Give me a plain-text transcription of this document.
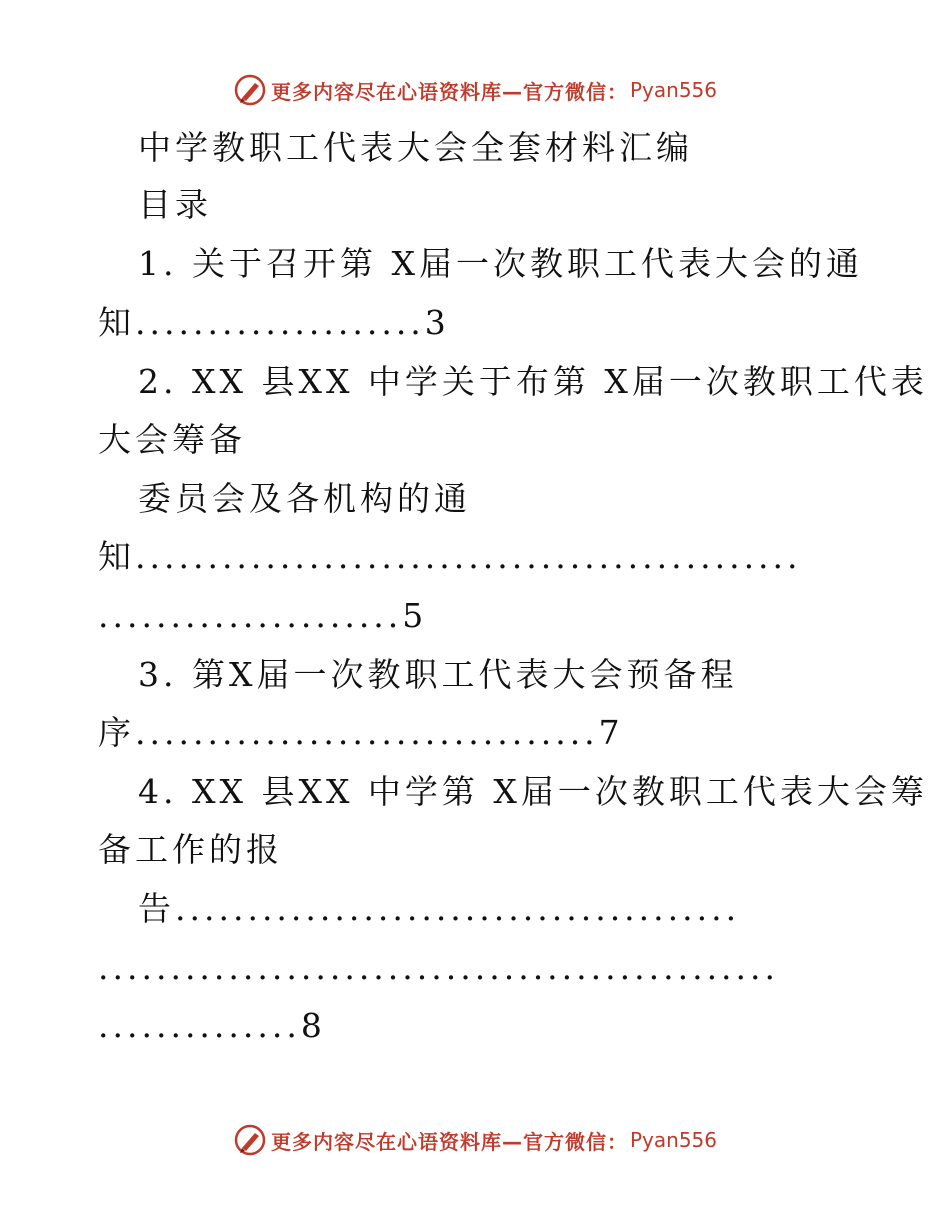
更多内容尽在心语资料库—官方微信： Pyan556
中学教职工代表大会全套材料汇编
目录
1. 关于召开第 X届一次教职工代表大会的通
知....................3
2. XX 县XX 中学关于布第 X届一次教职工代表
大会筹备
委员会及各机构的通
知..............................................
.....................5
3. 第X届一次教职工代表大会预备程
序................................7
4. XX 县XX 中学第 X届一次教职工代表大会筹
备工作的报
告.......................................
...............................................
..............8
更多内容尽在心语资料库—官方微信： Pyan556
